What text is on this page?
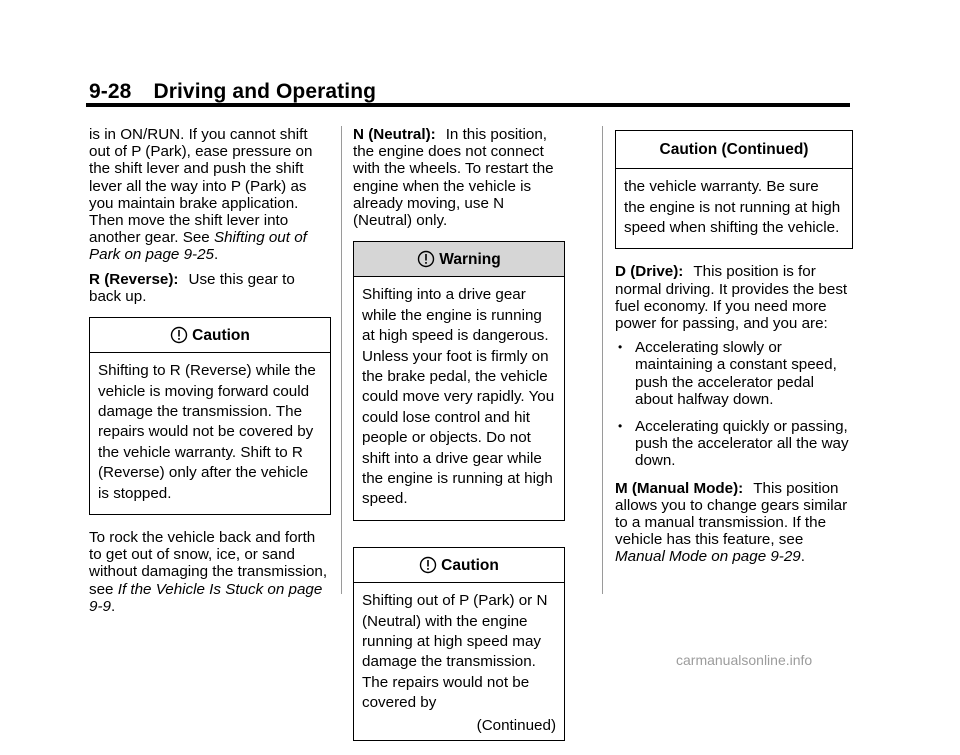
9-28 Driving and Operating

is in ON/RUN. If you cannot shift out of P (Park), ease pressure on the shift lever and push the shift lever all the way into P (Park) as you maintain brake application. Then move the shift lever into another gear. See Shifting out of Park on page 9-25.

R (Reverse): Use this gear to back up.

Caution
Shifting to R (Reverse) while the vehicle is moving forward could damage the transmission. The repairs would not be covered by the vehicle warranty. Shift to R (Reverse) only after the vehicle is stopped.

To rock the vehicle back and forth to get out of snow, ice, or sand without damaging the transmission, see If the Vehicle Is Stuck on page 9-9.

N (Neutral): In this position, the engine does not connect with the wheels. To restart the engine when the vehicle is already moving, use N (Neutral) only.

Warning
Shifting into a drive gear while the engine is running at high speed is dangerous. Unless your foot is firmly on the brake pedal, the vehicle could move very rapidly. You could lose control and hit people or objects. Do not shift into a drive gear while the engine is running at high speed.
Caution
Shifting out of P (Park) or N (Neutral) with the engine running at high speed may damage the transmission. The repairs would not be covered by
(Continued)
Caution (Continued)
the vehicle warranty. Be sure the engine is not running at high speed when shifting the vehicle.

D (Drive): This position is for normal driving. It provides the best fuel economy. If you need more power for passing, and you are:

• Accelerating slowly or maintaining a constant speed, push the accelerator pedal about halfway down.
• Accelerating quickly or passing, push the accelerator all the way down.

M (Manual Mode): This position allows you to change gears similar to a manual transmission. If the vehicle has this feature, see Manual Mode on page 9-29.

carmanualsonline.info
